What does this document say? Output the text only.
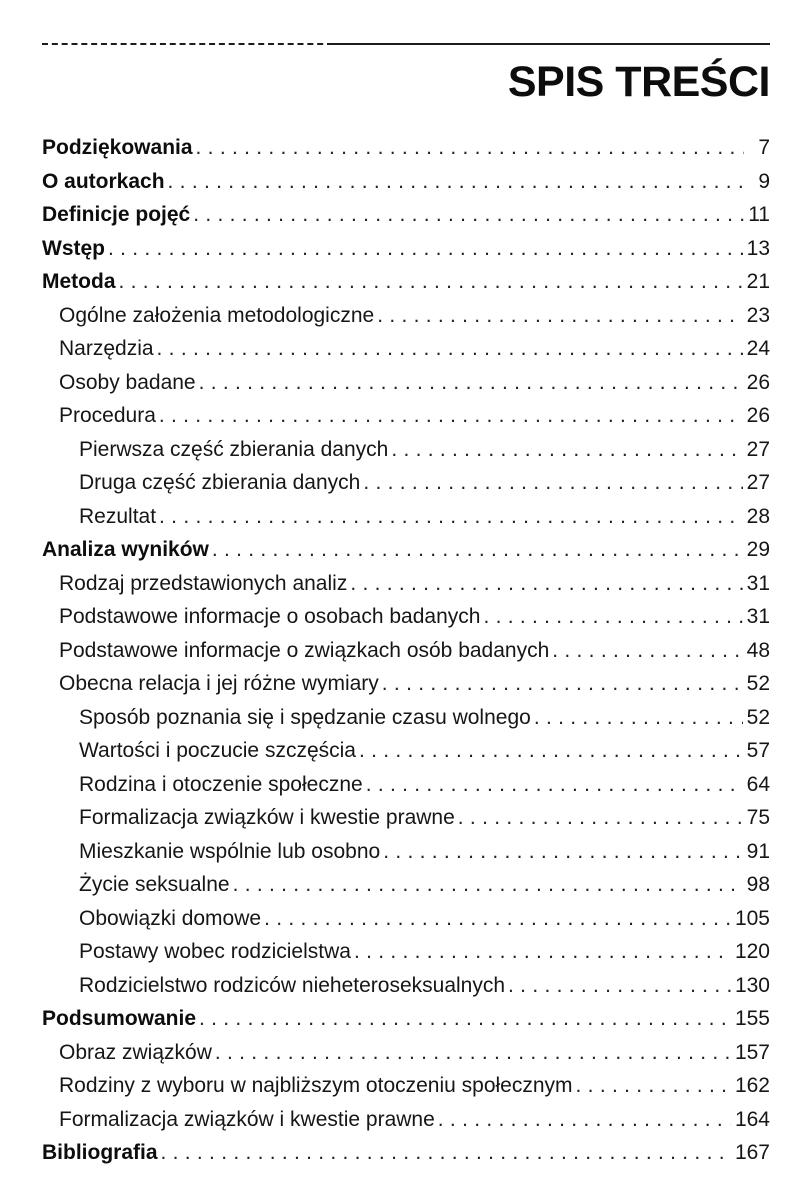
SPIS TREŚCI
Podziękowania .....	7
O autorkach .....	9
Definicje pojęć .....	11
Wstęp .....	13
Metoda .....	21
Ogólne założenia metodologiczne .....	23
Narzędzia .....	24
Osoby badane .....	26
Procedura .....	26
Pierwsza część zbierania danych .....	27
Druga część zbierania danych .....	27
Rezultat .....	28
Analiza wyników .....	29
Rodzaj przedstawionych analiz .....	31
Podstawowe informacje o osobach badanych .....	31
Podstawowe informacje o związkach osób badanych .....	48
Obecna relacja i jej różne wymiary .....	52
Sposób poznania się i spędzanie czasu wolnego .....	52
Wartości i poczucie szczęścia .....	57
Rodzina i otoczenie społeczne .....	64
Formalizacja związków i kwestie prawne .....	75
Mieszkanie wspólnie lub osobno .....	91
Życie seksualne .....	98
Obowiązki domowe .....	105
Postawy wobec rodzicielstwa .....	120
Rodzicielstwo rodziców nieheteroseksualnych .....	130
Podsumowanie .....	155
Obraz związków .....	157
Rodziny z wyboru w najbliższym otoczeniu społecznym .....	162
Formalizacja związków i kwestie prawne .....	164
Bibliografia .....	167
